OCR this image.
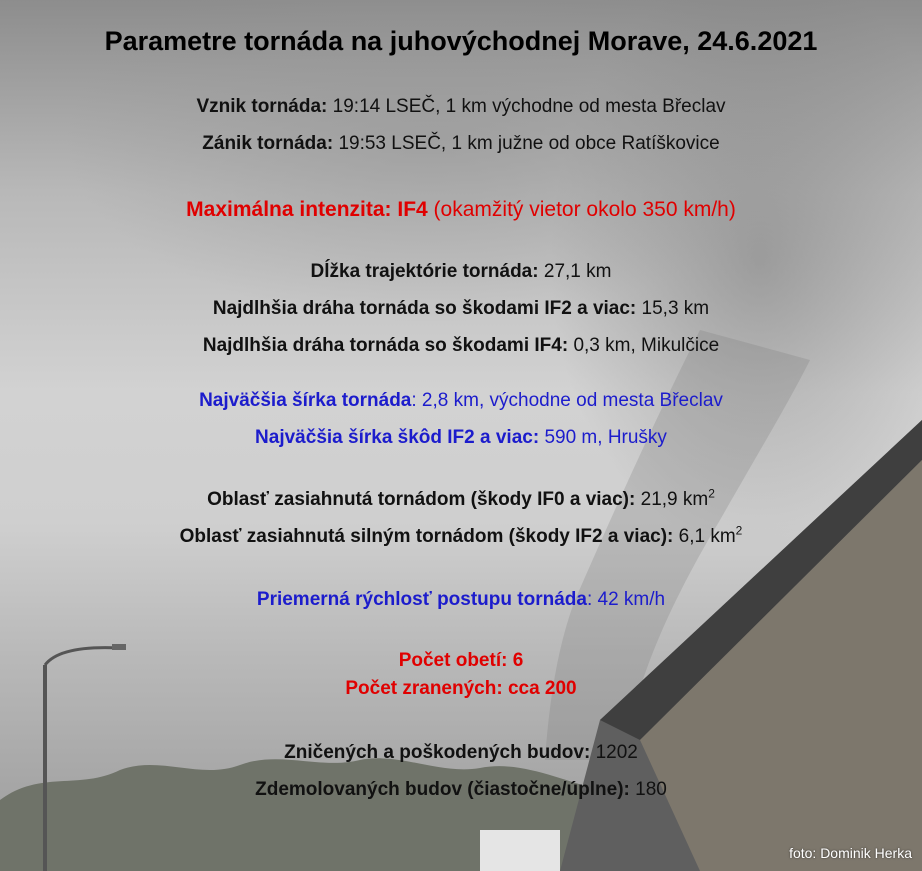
Parametre tornáda na juhovýchodnej Morave, 24.6.2021
Vznik tornáda: 19:14 LSEČ, 1 km východne od mesta Břeclav
Zánik tornáda: 19:53 LSEČ, 1 km južne od obce Ratíškovice
Maximálna intenzita: IF4 (okamžitý vietor okolo 350 km/h)
Dĺžka trajektórie tornáda: 27,1 km
Najdlhšia dráha tornáda so škodami IF2 a viac: 15,3 km
Najdlhšia dráha tornáda so škodami IF4: 0,3 km, Mikulčice
Najväčšia šírka tornáda: 2,8 km, východne od mesta Břeclav
Najväčšia šírka škôd IF2 a viac: 590 m, Hrušky
Oblasť zasiahnutá tornádom (škody IF0 a viac): 21,9 $km^2$
Oblasť zasiahnutá silným tornádom (škody IF2 a viac): 6,1 $km^2$
Priemerná rýchlosť postupu tornáda: 42 km/h
Počet obetí: 6
Počet zranených: cca 200
Zničených a poškodených budov: 1202
Zdemolovaných budov (čiastočne/úplne): 180
foto: Dominik Herka
